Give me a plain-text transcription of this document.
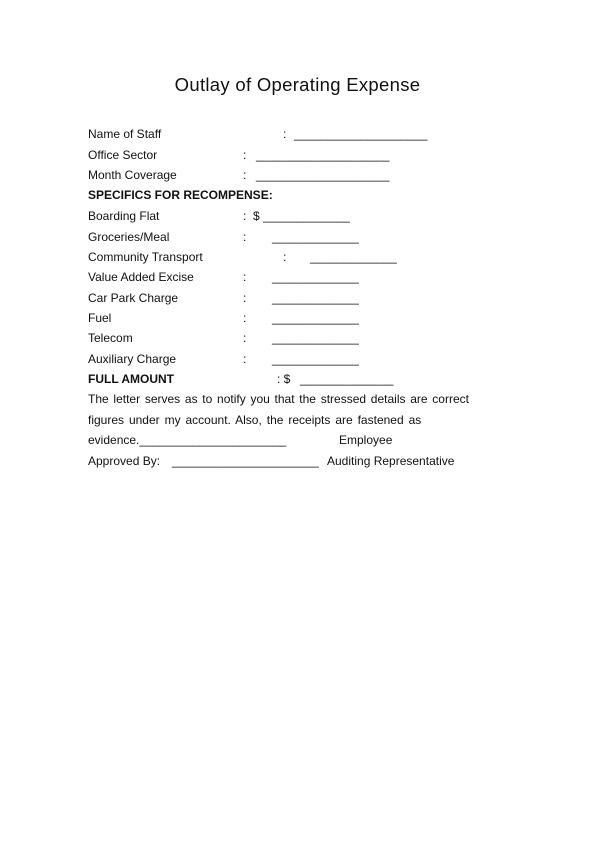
Outlay of Operating Expense
Name of Staff	: ____________________
Office Sector	: ____________________
Month Coverage	: ____________________
SPECIFICS FOR RECOMPENSE:
Boarding Flat	: $ _____________
Groceries/Meal	: _____________
Community Transport	: _____________
Value Added Excise	: _____________
Car Park Charge	: _____________
Fuel	: _____________
Telecom	: _____________
Auxiliary Charge	: _____________
FULL AMOUNT	: $ ______________
The letter serves as to notify you that the stressed details are correct
figures under my account. Also, the receipts are fastened as
evidence.______________________	Employee
Approved By: ______________________ Auditing Representative
